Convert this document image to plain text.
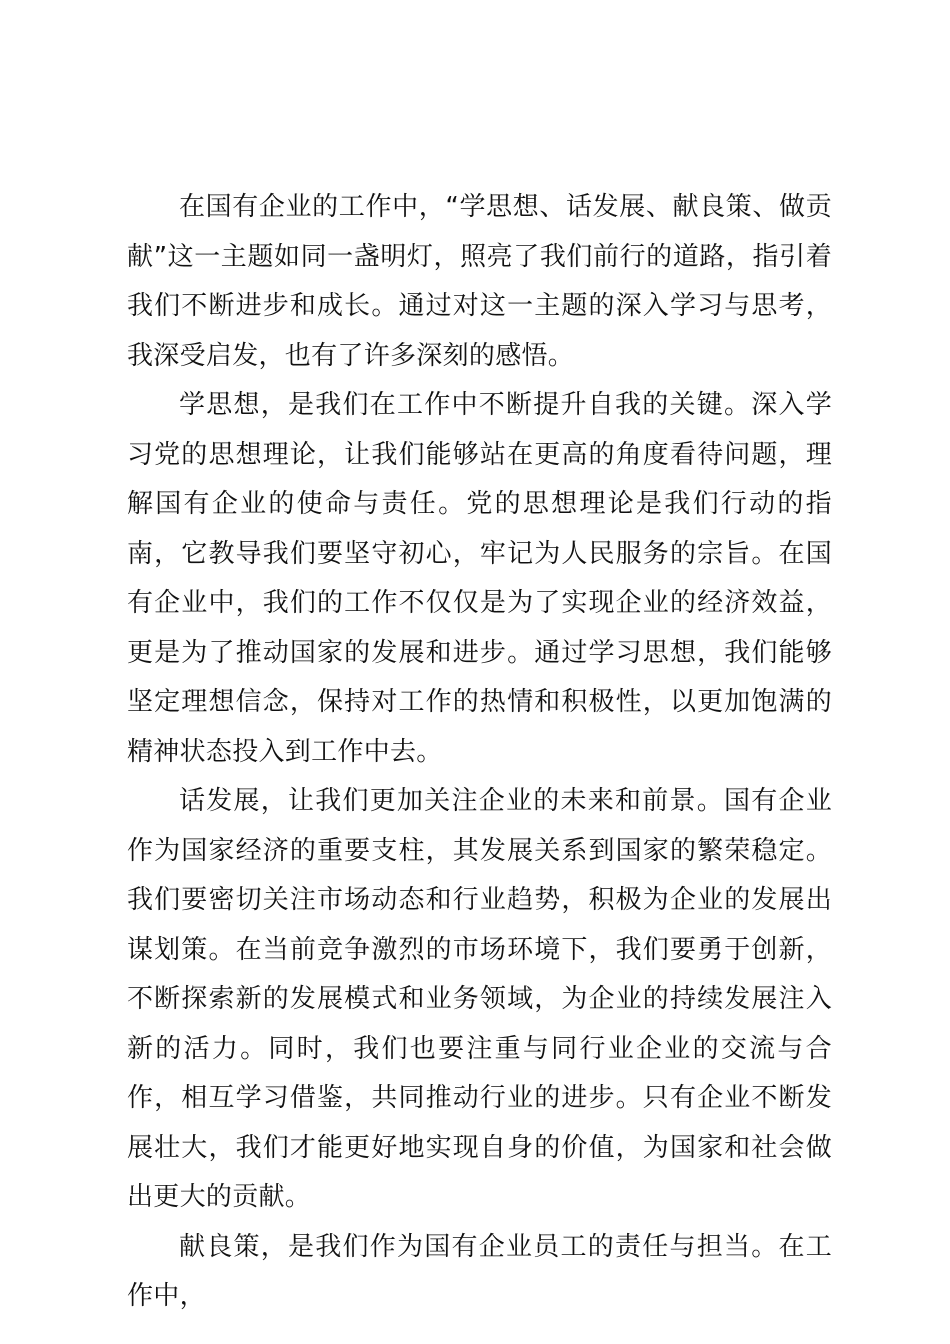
在国有企业的工作中，“学思想、话发展、献良策、做贡献”这一主题如同一盏明灯，照亮了我们前行的道路，指引着我们不断进步和成长。通过对这一主题的深入学习与思考，我深受启发，也有了许多深刻的感悟。

学思想，是我们在工作中不断提升自我的关键。深入学习党的思想理论，让我们能够站在更高的角度看待问题，理解国有企业的使命与责任。党的思想理论是我们行动的指南，它教导我们要坚守初心，牢记为人民服务的宗旨。在国有企业中，我们的工作不仅仅是为了实现企业的经济效益，更是为了推动国家的发展和进步。通过学习思想，我们能够坚定理想信念，保持对工作的热情和积极性，以更加饱满的精神状态投入到工作中去。

话发展，让我们更加关注企业的未来和前景。国有企业作为国家经济的重要支柱，其发展关系到国家的繁荣稳定。我们要密切关注市场动态和行业趋势，积极为企业的发展出谋划策。在当前竞争激烈的市场环境下，我们要勇于创新，不断探索新的发展模式和业务领域，为企业的持续发展注入新的活力。同时，我们也要注重与同行业企业的交流与合作，相互学习借鉴，共同推动行业的进步。只有企业不断发展壮大，我们才能更好地实现自身的价值，为国家和社会做出更大的贡献。

献良策，是我们作为国有企业员工的责任与担当。在工作中，
